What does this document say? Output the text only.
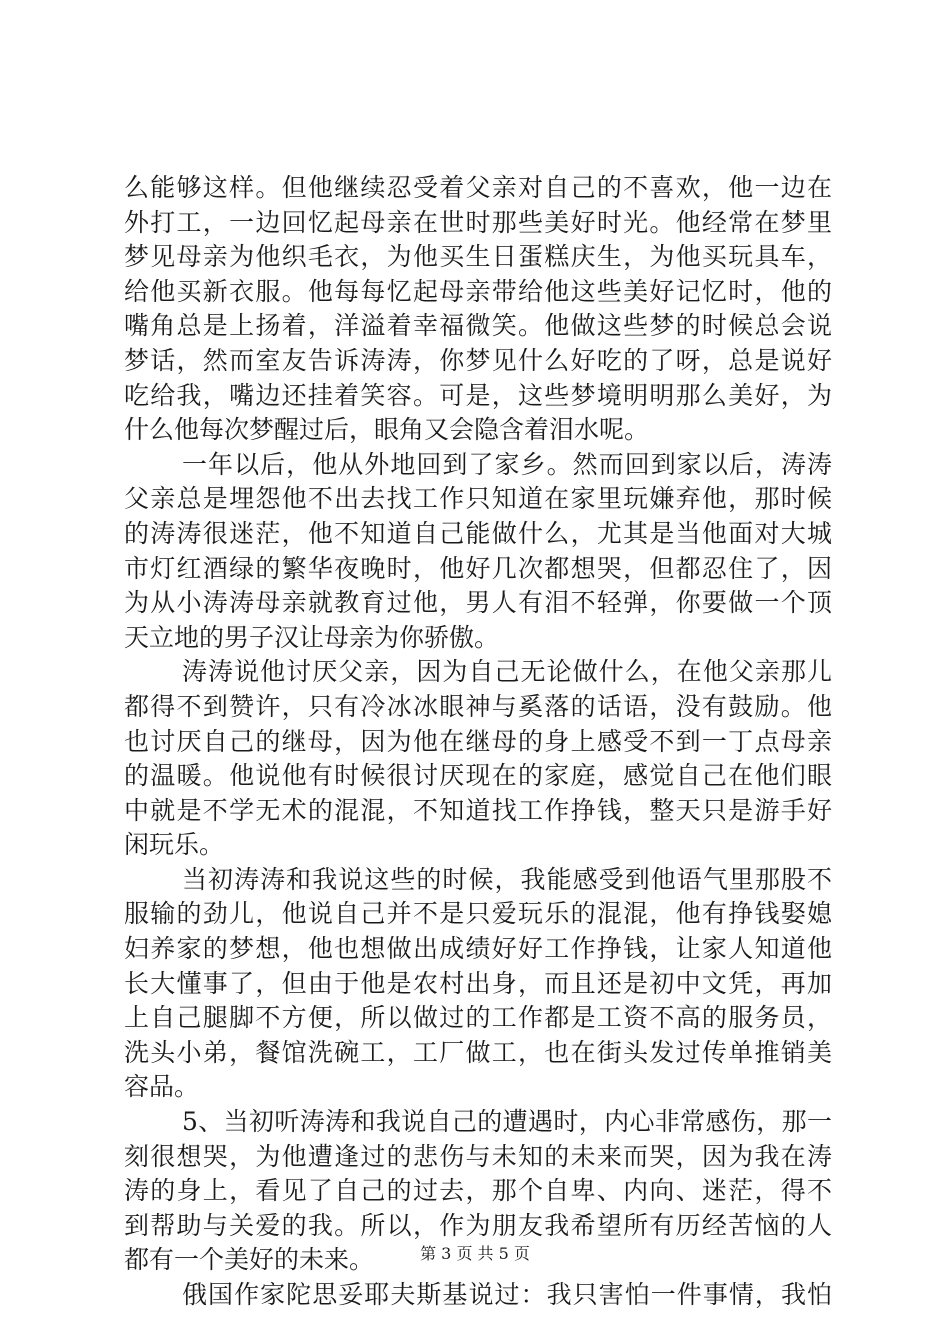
么能够这样。但他继续忍受着父亲对自己的不喜欢，他一边在
外打工，一边回忆起母亲在世时那些美好时光。他经常在梦里
梦见母亲为他织毛衣，为他买生日蛋糕庆生，为他买玩具车，
给他买新衣服。他每每忆起母亲带给他这些美好记忆时，他的
嘴角总是上扬着，洋溢着幸福微笑。他做这些梦的时候总会说
梦话，然而室友告诉涛涛，你梦见什么好吃的了呀，总是说好
吃给我，嘴边还挂着笑容。可是，这些梦境明明那么美好，为
什么他每次梦醒过后，眼角又会隐含着泪水呢。
一年以后，他从外地回到了家乡。然而回到家以后，涛涛
父亲总是埋怨他不出去找工作只知道在家里玩嫌弃他，那时候
的涛涛很迷茫，他不知道自己能做什么，尤其是当他面对大城
市灯红酒绿的繁华夜晚时，他好几次都想哭，但都忍住了，因
为从小涛涛母亲就教育过他，男人有泪不轻弹，你要做一个顶
天立地的男子汉让母亲为你骄傲。
涛涛说他讨厌父亲，因为自己无论做什么，在他父亲那儿
都得不到赞许，只有冷冰冰眼神与奚落的话语，没有鼓励。他
也讨厌自己的继母，因为他在继母的身上感受不到一丁点母亲
的温暖。他说他有时候很讨厌现在的家庭，感觉自己在他们眼
中就是不学无术的混混，不知道找工作挣钱，整天只是游手好
闲玩乐。
当初涛涛和我说这些的时候，我能感受到他语气里那股不
服输的劲儿，他说自己并不是只爱玩乐的混混，他有挣钱娶媳
妇养家的梦想，他也想做出成绩好好工作挣钱，让家人知道他
长大懂事了，但由于他是农村出身，而且还是初中文凭，再加
上自己腿脚不方便，所以做过的工作都是工资不高的服务员，
洗头小弟，餐馆洗碗工，工厂做工，也在街头发过传单推销美
容品。
5、当初听涛涛和我说自己的遭遇时，内心非常感伤，那一
刻很想哭，为他遭逢过的悲伤与未知的未来而哭，因为我在涛
涛的身上，看见了自己的过去，那个自卑、内向、迷茫，得不
到帮助与关爱的我。所以，作为朋友我希望所有历经苦恼的人
都有一个美好的未来。
俄国作家陀思妥耶夫斯基说过：我只害怕一件事情，我怕
第 3 页 共 5 页
